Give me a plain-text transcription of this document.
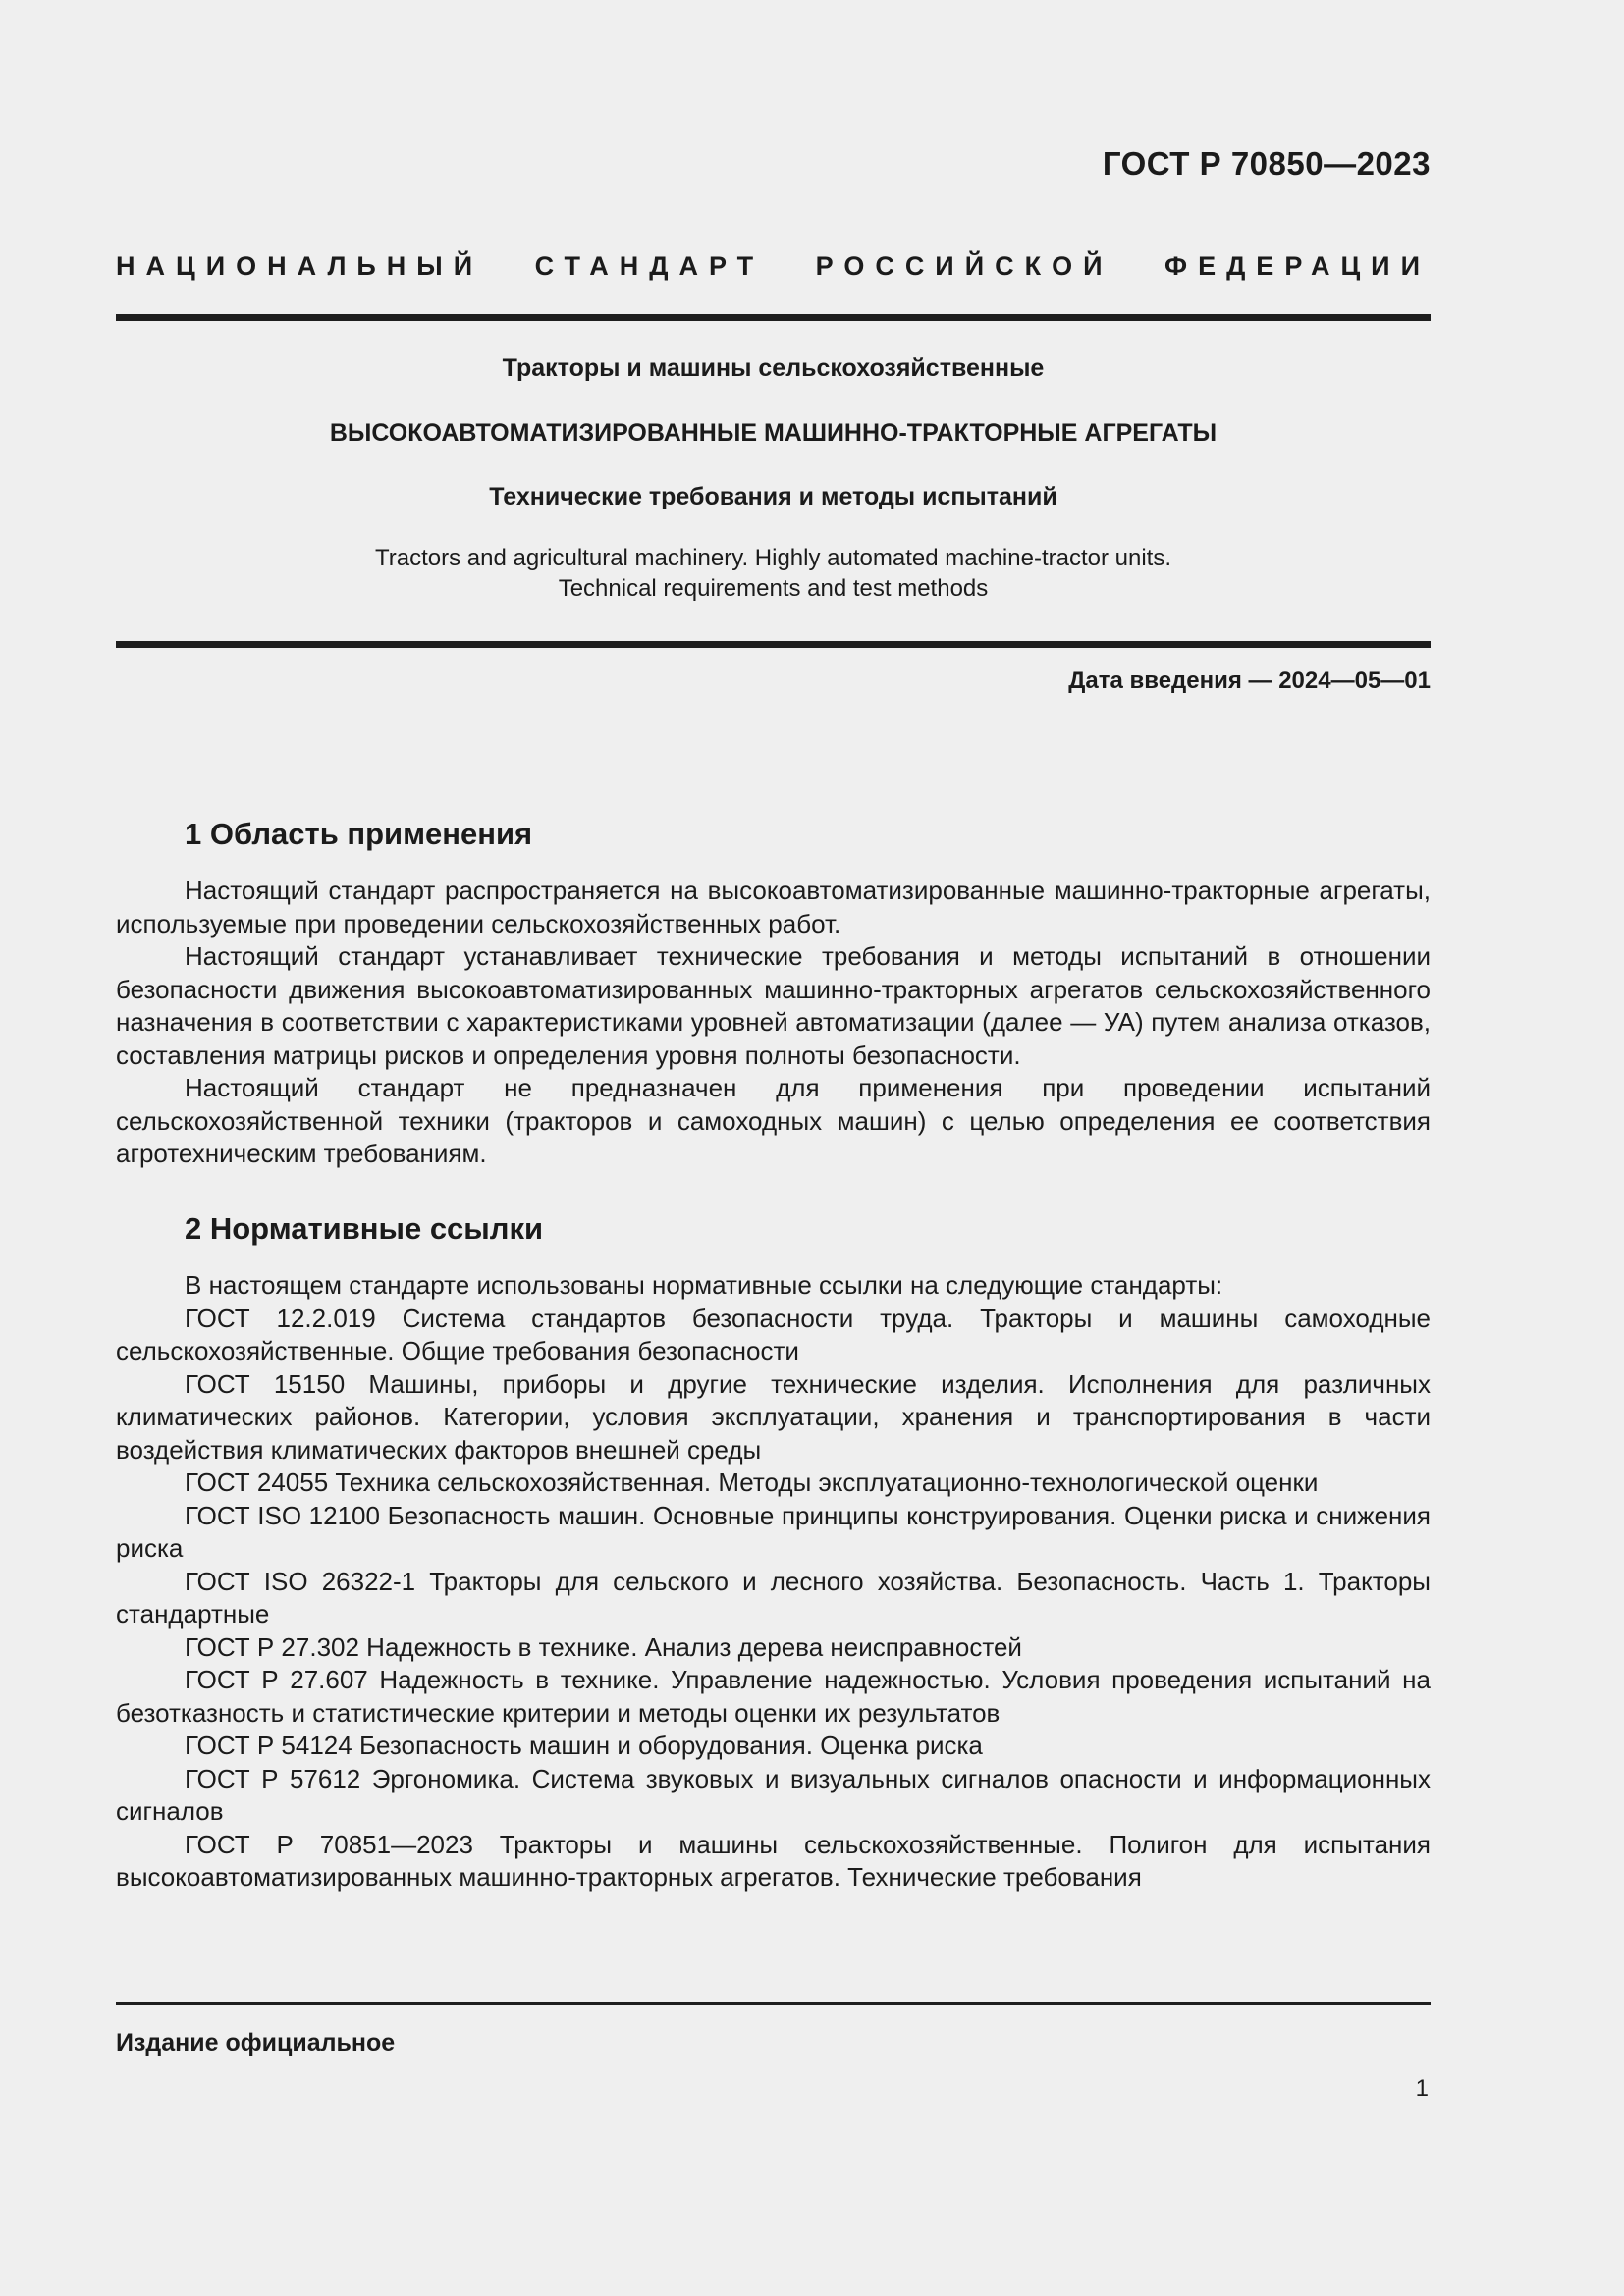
ГОСТ Р 70850—2023
НАЦИОНАЛЬНЫЙ СТАНДАРТ РОССИЙСКОЙ ФЕДЕРАЦИИ
Тракторы и машины сельскохозяйственные
ВЫСОКОАВТОМАТИЗИРОВАННЫЕ МАШИННО-ТРАКТОРНЫЕ АГРЕГАТЫ
Технические требования и методы испытаний
Tractors and agricultural machinery. Highly automated machine-tractor units.
Technical requirements and test methods
Дата введения — 2024—05—01
1 Область применения

Настоящий стандарт распространяется на высокоавтоматизированные машинно-тракторные агрегаты, используемые при проведении сельскохозяйственных работ.

Настоящий стандарт устанавливает технические требования и методы испытаний в отношении безопасности движения высокоавтоматизированных машинно-тракторных агрегатов сельскохозяйственного назначения в соответствии с характеристиками уровней автоматизации (далее — УА) путем анализа отказов, составления матрицы рисков и определения уровня полноты безопасности.

Настоящий стандарт не предназначен для применения при проведении испытаний сельскохозяйственной техники (тракторов и самоходных машин) с целью определения ее соответствия агротехническим требованиям.

2 Нормативные ссылки

В настоящем стандарте использованы нормативные ссылки на следующие стандарты:

ГОСТ 12.2.019 Система стандартов безопасности труда. Тракторы и машины самоходные сельскохозяйственные. Общие требования безопасности

ГОСТ 15150 Машины, приборы и другие технические изделия. Исполнения для различных климатических районов. Категории, условия эксплуатации, хранения и транспортирования в части воздействия климатических факторов внешней среды

ГОСТ 24055 Техника сельскохозяйственная. Методы эксплуатационно-технологической оценки

ГОСТ ISO 12100 Безопасность машин. Основные принципы конструирования. Оценки риска и снижения риска

ГОСТ ISO 26322-1 Тракторы для сельского и лесного хозяйства. Безопасность. Часть 1. Тракторы стандартные

ГОСТ Р 27.302 Надежность в технике. Анализ дерева неисправностей

ГОСТ Р 27.607 Надежность в технике. Управление надежностью. Условия проведения испытаний на безотказность и статистические критерии и методы оценки их результатов

ГОСТ Р 54124 Безопасность машин и оборудования. Оценка риска

ГОСТ Р 57612 Эргономика. Система звуковых и визуальных сигналов опасности и информационных сигналов

ГОСТ Р 70851—2023 Тракторы и машины сельскохозяйственные. Полигон для испытания высокоавтоматизированных машинно-тракторных агрегатов. Технические требования

Издание официальное
1
